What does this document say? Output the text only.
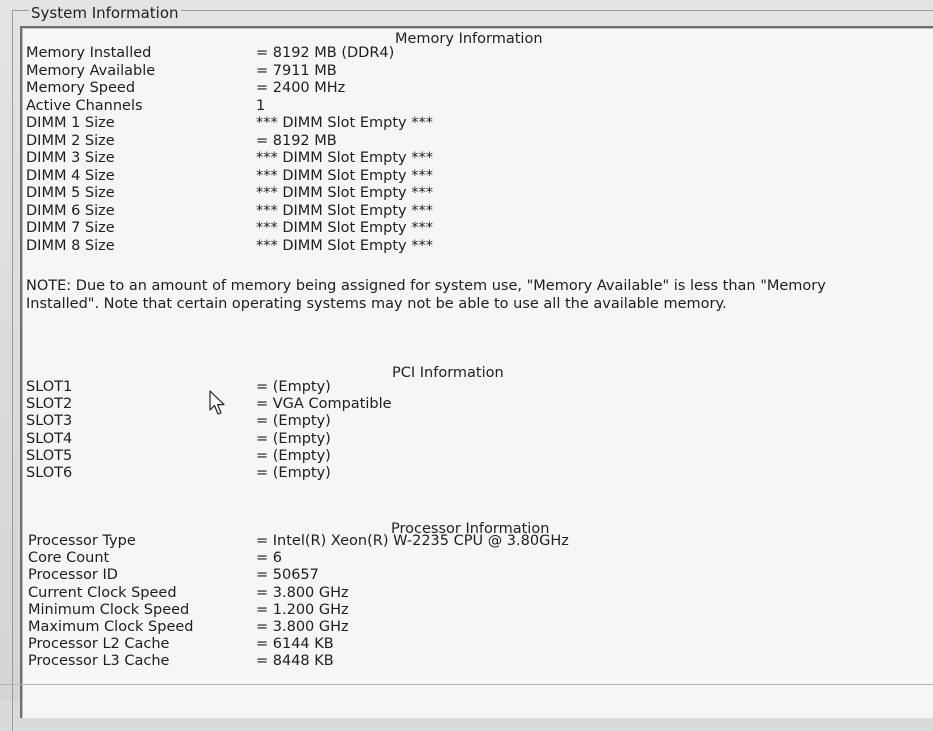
System Information
Memory Information
Memory Installed	= 8192 MB (DDR4)
Memory Available	= 7911 MB
Memory Speed	= 2400 MHz
Active Channels	1
DIMM 1 Size	*** DIMM Slot Empty ***
DIMM 2 Size	= 8192 MB
DIMM 3 Size	*** DIMM Slot Empty ***
DIMM 4 Size	*** DIMM Slot Empty ***
DIMM 5 Size	*** DIMM Slot Empty ***
DIMM 6 Size	*** DIMM Slot Empty ***
DIMM 7 Size	*** DIMM Slot Empty ***
DIMM 8 Size	*** DIMM Slot Empty ***
NOTE: Due to an amount of memory being assigned for system use, "Memory Available" is less than "Memory Installed". Note that certain operating systems may not be able to use all the available memory.
PCI Information
SLOT1	= (Empty)
SLOT2	= VGA Compatible
SLOT3	= (Empty)
SLOT4	= (Empty)
SLOT5	= (Empty)
SLOT6	= (Empty)
Processor Information
Processor Type	= Intel(R) Xeon(R) W-2235 CPU @ 3.80GHz
Core Count	= 6
Processor ID	= 50657
Current Clock Speed	= 3.800 GHz
Minimum Clock Speed	= 1.200 GHz
Maximum Clock Speed	= 3.800 GHz
Processor L2 Cache	= 6144 KB
Processor L3 Cache	= 8448 KB
